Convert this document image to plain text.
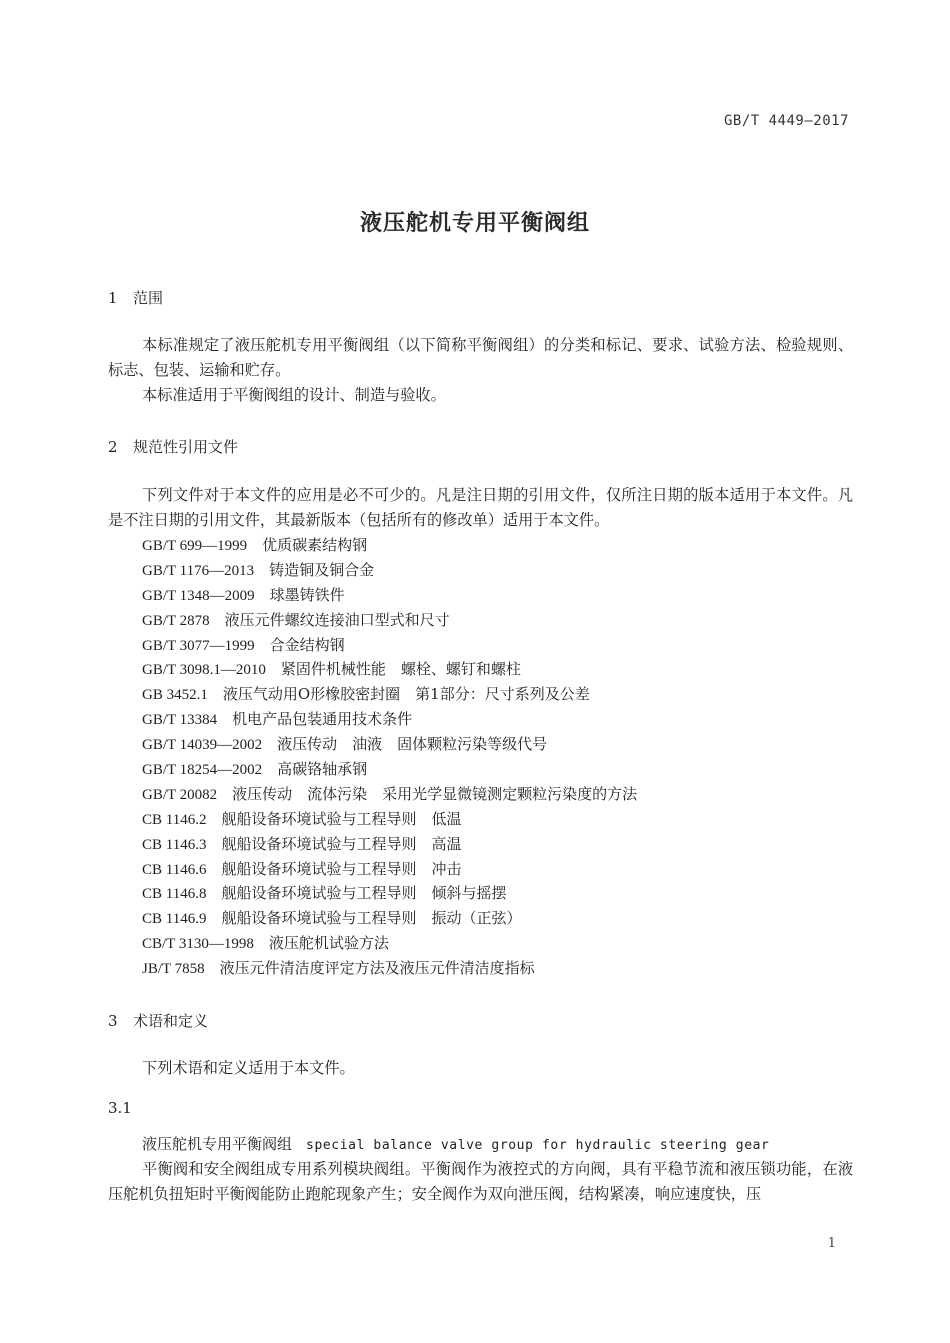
GB/T 4449—2017
液压舵机专用平衡阀组
1 范围
本标准规定了液压舵机专用平衡阀组（以下简称平衡阀组）的分类和标记、要求、试验方法、检验规则、标志、包装、运输和贮存。
本标准适用于平衡阀组的设计、制造与验收。
2 规范性引用文件
下列文件对于本文件的应用是必不可少的。凡是注日期的引用文件，仅所注日期的版本适用于本文件。凡是不注日期的引用文件，其最新版本（包括所有的修改单）适用于本文件。
GB/T 699—1999　 优质碳素结构钢
GB/T 1176—2013　 铸造铜及铜合金
GB/T 1348—2009　 球墨铸铁件
GB/T 2878　 液压元件螺纹连接油口型式和尺寸
GB/T 3077—1999　 合金结构钢
GB/T 3098.1—2010　 紧固件机械性能　螺栓、螺钉和螺柱
GB 3452.1　 液压气动用O形橡胶密封圈　第1部分：尺寸系列及公差
GB/T 13384　 机电产品包装通用技术条件
GB/T 14039—2002　 液压传动　油液　固体颗粒污染等级代号
GB/T 18254—2002　 高碳铬轴承钢
GB/T 20082　 液压传动　流体污染　采用光学显微镜测定颗粒污染度的方法
CB 1146.2　 舰船设备环境试验与工程导则　低温
CB 1146.3　 舰船设备环境试验与工程导则　高温
CB 1146.6　 舰船设备环境试验与工程导则　冲击
CB 1146.8　 舰船设备环境试验与工程导则　倾斜与摇摆
CB 1146.9　 舰船设备环境试验与工程导则　振动（正弦）
CB/T 3130—1998　 液压舵机试验方法
JB/T 7858　 液压元件清洁度评定方法及液压元件清洁度指标
3 术语和定义
下列术语和定义适用于本文件。
3.1
液压舵机专用平衡阀组 special balance valve group for hydraulic steering gear
平衡阀和安全阀组成专用系列模块阀组。平衡阀作为液控式的方向阀，具有平稳节流和液压锁功能，在液压舵机负扭矩时平衡阀能防止跑舵现象产生；安全阀作为双向泄压阀，结构紧凑，响应速度快，压
1
